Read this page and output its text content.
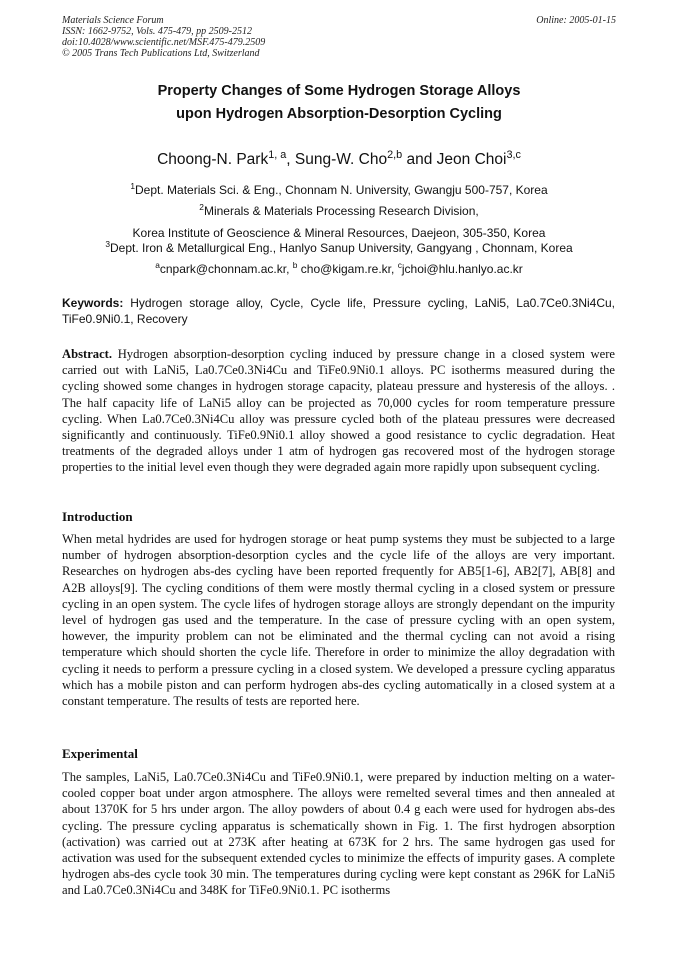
Materials Science Forum
ISSN: 1662-9752, Vols. 475-479, pp 2509-2512
doi:10.4028/www.scientific.net/MSF.475-479.2509
© 2005 Trans Tech Publications Ltd, Switzerland
Online: 2005-01-15
Property Changes of Some Hydrogen Storage Alloys
upon Hydrogen Absorption-Desorption Cycling
Choong-N. Park$^{1, a}$, Sung-W. Cho$^{2,b}$ and Jeon Choi$^{3,c}$
$^1$Dept. Materials Sci. & Eng., Chonnam N. University, Gwangju 500-757, Korea
$^2$Minerals & Materials Processing Research Division,
Korea Institute of Geoscience & Mineral Resources, Daejeon, 305-350, Korea
$^3$Dept. Iron & Metallurgical Eng., Hanlyo Sanup University, Gangyang , Chonnam, Korea
$^a$cnpark@chonnam.ac.kr, $^b$ cho@kigam.re.kr, $^c$jchoi@hlu.hanlyo.ac.kr
Keywords: Hydrogen storage alloy, Cycle, Cycle life, Pressure cycling, LaNi5, La0.7Ce0.3Ni4Cu, TiFe0.9Ni0.1, Recovery
Abstract. Hydrogen absorption-desorption cycling induced by pressure change in a closed system were carried out with LaNi5, La0.7Ce0.3Ni4Cu and TiFe0.9Ni0.1 alloys. PC isotherms measured during the cycling showed some changes in hydrogen storage capacity, plateau pressure and hysteresis of the alloys. . The half capacity life of LaNi5 alloy can be projected as 70,000 cycles for room temperature pressure cycling. When La0.7Ce0.3Ni4Cu alloy was pressure cycled both of the plateau pressures were decreased significantly and continuously. TiFe0.9Ni0.1 alloy showed a good resistance to cyclic degradation. Heat treatments of the degraded alloys under 1 atm of hydrogen gas recovered most of the hydrogen storage properties to the initial level even though they were degraded again more rapidly upon subsequent cycling.
Introduction
When metal hydrides are used for hydrogen storage or heat pump systems they must be subjected to a large number of hydrogen absorption-desorption cycles and the cycle life of the alloys are very important. Researches on hydrogen abs-des cycling have been reported frequently for AB5[1-6], AB2[7], AB[8] and A2B alloys[9]. The cycling conditions of them were mostly thermal cycling in a closed system or pressure cycling in an open system. The cycle lifes of hydrogen storage alloys are strongly dependant on the impurity level of hydrogen gas used and the temperature. In the case of pressure cycling with an open system, however, the impurity problem can not be eliminated and the thermal cycling can not avoid a rising temperature which should shorten the cycle life. Therefore in order to minimize the alloy degradation with cycling it needs to perform a pressure cycling in a closed system. We developed a pressure cycling apparatus which has a mobile piston and can perform hydrogen abs-des cycling automatically in a closed system at a constant temperature. The results of tests are reported here.
Experimental
The samples, LaNi5, La0.7Ce0.3Ni4Cu and TiFe0.9Ni0.1, were prepared by induction melting on a water-cooled copper boat under argon atmosphere. The alloys were remelted several times and then annealed at about 1370K for 5 hrs under argon. The alloy powders of about 0.4 g each were used for hydrogen abs-des cycling. The pressure cycling apparatus is schematically shown in Fig. 1. The first hydrogen absorption (activation) was carried out at 273K after heating at 673K for 2 hrs. The same hydrogen gas used for activation was used for the subsequent extended cycles to minimize the effects of impurity gases. A complete hydrogen abs-des cycle took 30 min. The temperatures during cycling were kept constant as 296K for LaNi5 and La0.7Ce0.3Ni4Cu and 348K for TiFe0.9Ni0.1. PC isotherms
